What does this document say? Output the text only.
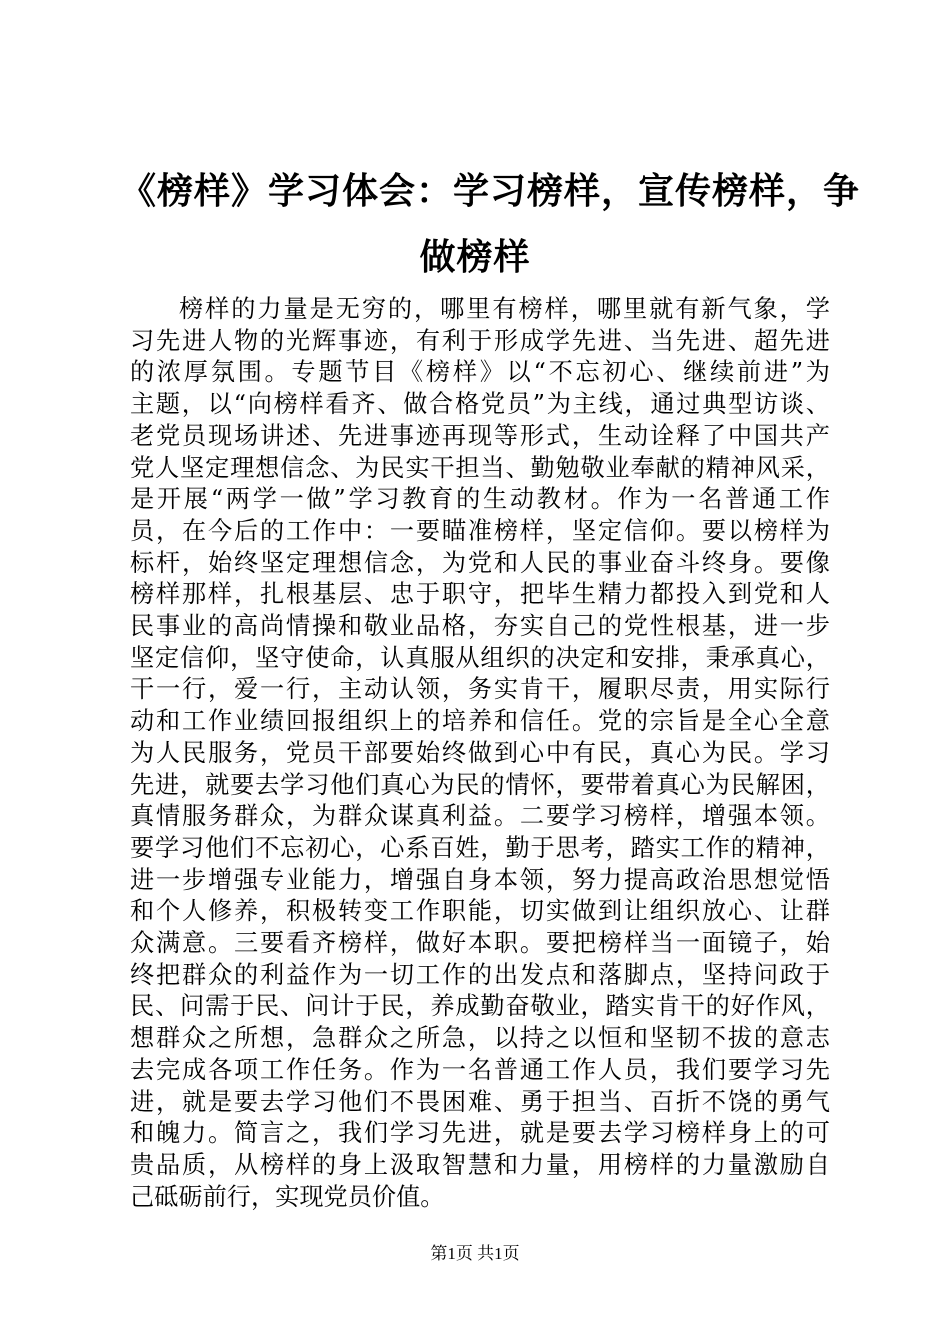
《榜样》学习体会：学习榜样，宣传榜样，争
做榜样
榜样的力量是无穷的，哪里有榜样，哪里就有新气象，学
习先进人物的光辉事迹，有利于形成学先进、当先进、超先进
的浓厚氛围。专题节目《榜样》以“不忘初心、继续前进”为
主题，以“向榜样看齐、做合格党员”为主线，通过典型访谈、
老党员现场讲述、先进事迹再现等形式，生动诠释了中国共产
党人坚定理想信念、为民实干担当、勤勉敬业奉献的精神风采，
是开展“两学一做”学习教育的生动教材。作为一名普通工作
员，在今后的工作中：一要瞄准榜样，坚定信仰。要以榜样为
标杆，始终坚定理想信念，为党和人民的事业奋斗终身。要像
榜样那样，扎根基层、忠于职守，把毕生精力都投入到党和人
民事业的高尚情操和敬业品格，夯实自己的党性根基，进一步
坚定信仰，坚守使命，认真服从组织的决定和安排，秉承真心，
干一行，爱一行，主动认领，务实肯干，履职尽责，用实际行
动和工作业绩回报组织上的培养和信任。党的宗旨是全心全意
为人民服务，党员干部要始终做到心中有民，真心为民。学习
先进，就要去学习他们真心为民的情怀，要带着真心为民解困，
真情服务群众，为群众谋真利益。二要学习榜样，增强本领。
要学习他们不忘初心，心系百姓，勤于思考，踏实工作的精神，
进一步增强专业能力，增强自身本领，努力提高政治思想觉悟
和个人修养，积极转变工作职能，切实做到让组织放心、让群
众满意。三要看齐榜样，做好本职。要把榜样当一面镜子，始
终把群众的利益作为一切工作的出发点和落脚点，坚持问政于
民、问需于民、问计于民，养成勤奋敬业，踏实肯干的好作风，
想群众之所想，急群众之所急，以持之以恒和坚韧不拔的意志
去完成各项工作任务。作为一名普通工作人员，我们要学习先
进，就是要去学习他们不畏困难、勇于担当、百折不饶的勇气
和魄力。简言之，我们学习先进，就是要去学习榜样身上的可
贵品质，从榜样的身上汲取智慧和力量，用榜样的力量激励自
己砥砺前行，实现党员价值。
第1页 共1页
